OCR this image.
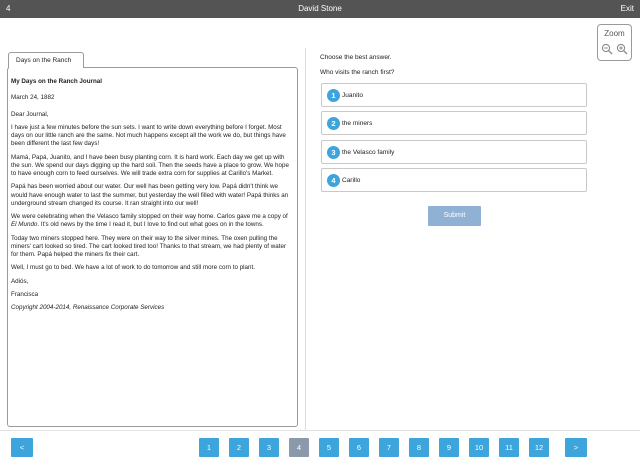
4	David Stone	Exit
Zoom
Days on the Ranch

My Days on the Ranch Journal

March 24, 1882

Dear Journal,

I have just a few minutes before the sun sets. I want to write down everything before I forget. Most days on our little ranch are the same. Not much happens except all the work we do, but things have been different the last few days!

Mamá, Papá, Juanito, and I have been busy planting corn. It is hard work. Each day we get up with the sun. We spend our days digging up the hard soil. Then the seeds have a place to grow. We hope to have enough corn to feed ourselves. We will trade extra corn for supplies at Carillo's Market.

Papá has been worried about our water. Our well has been getting very low. Papá didn't think we would have enough water to last the summer, but yesterday the well filled with water! Papá thinks an underground stream changed its course. It ran straight into our well!

We were celebrating when the Velasco family stopped on their way home. Carlos gave me a copy of El Mundo. It's old news by the time I read it, but I love to find out what goes on in the towns.

Today two miners stopped here. They were on their way to the silver mines. The oxen pulling the miners' cart looked so tired. The cart looked tired too! Thanks to that stream, we had plenty of water for them. Papá helped the miners fix their cart.

Well, I must go to bed. We have a lot of work to do tomorrow and still more corn to plant.

Adiós,

Francisca

Copyright 2004-2014, Renaissance Corporate Services

Choose the best answer.
Who visits the ranch first?
1 Juanito
2 the miners
3 the Velasco family
4 Carillo
Submit
<	1	2	3	4	5	6	7	8	9	10	11	12	>
